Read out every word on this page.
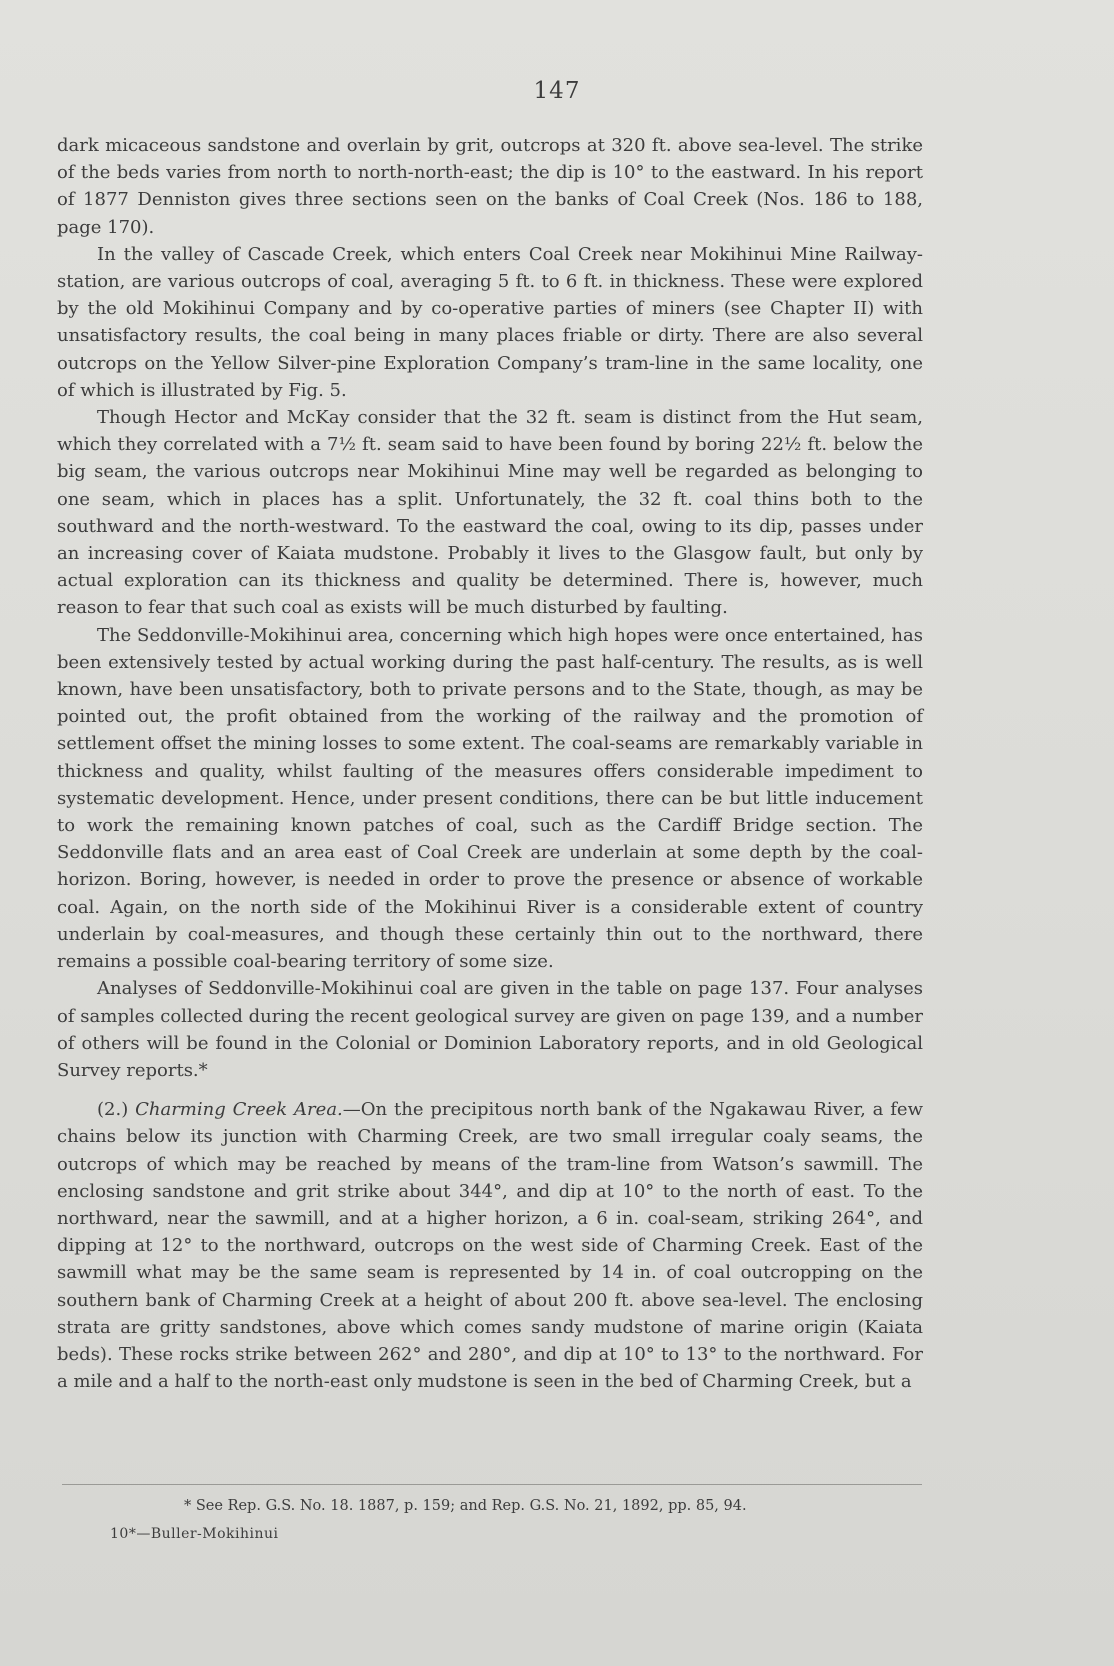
147

dark micaceous sandstone and overlain by grit, outcrops at 320 ft. above sea-level. The strike of the beds varies from north to north-north-east; the dip is 10° to the eastward. In his report of 1877 Denniston gives three sections seen on the banks of Coal Creek (Nos. 186 to 188, page 170).

In the valley of Cascade Creek, which enters Coal Creek near Mokihinui Mine Railway-station, are various outcrops of coal, averaging 5 ft. to 6 ft. in thickness. These were explored by the old Mokihinui Company and by co-operative parties of miners (see Chapter II) with unsatisfactory results, the coal being in many places friable or dirty. There are also several outcrops on the Yellow Silver-pine Exploration Company’s tram-line in the same locality, one of which is illustrated by Fig. 5.

Though Hector and McKay consider that the 32 ft. seam is distinct from the Hut seam, which they correlated with a 7½ ft. seam said to have been found by boring 22½ ft. below the big seam, the various outcrops near Mokihinui Mine may well be regarded as belonging to one seam, which in places has a split. Unfortunately, the 32 ft. coal thins both to the southward and the north-westward. To the eastward the coal, owing to its dip, passes under an increasing cover of Kaiata mudstone. Probably it lives to the Glasgow fault, but only by actual exploration can its thickness and quality be determined. There is, however, much reason to fear that such coal as exists will be much disturbed by faulting.

The Seddonville-Mokihinui area, concerning which high hopes were once entertained, has been extensively tested by actual working during the past half-century. The results, as is well known, have been unsatisfactory, both to private persons and to the State, though, as may be pointed out, the profit obtained from the working of the railway and the promotion of settlement offset the mining losses to some extent. The coal-seams are remarkably variable in thickness and quality, whilst faulting of the measures offers considerable impediment to systematic development. Hence, under present conditions, there can be but little inducement to work the remaining known patches of coal, such as the Cardiff Bridge section. The Seddonville flats and an area east of Coal Creek are underlain at some depth by the coal-horizon. Boring, however, is needed in order to prove the presence or absence of workable coal. Again, on the north side of the Mokihinui River is a considerable extent of country underlain by coal-measures, and though these certainly thin out to the northward, there remains a possible coal-bearing territory of some size.

Analyses of Seddonville-Mokihinui coal are given in the table on page 137. Four analyses of samples collected during the recent geological survey are given on page 139, and a number of others will be found in the Colonial or Dominion Laboratory reports, and in old Geological Survey reports.*

(2.) Charming Creek Area.—On the precipitous north bank of the Ngakawau River, a few chains below its junction with Charming Creek, are two small irregular coaly seams, the outcrops of which may be reached by means of the tram-line from Watson’s sawmill. The enclosing sandstone and grit strike about 344°, and dip at 10° to the north of east. To the northward, near the sawmill, and at a higher horizon, a 6 in. coal-seam, striking 264°, and dipping at 12° to the northward, outcrops on the west side of Charming Creek. East of the sawmill what may be the same seam is represented by 14 in. of coal outcropping on the southern bank of Charming Creek at a height of about 200 ft. above sea-level. The enclosing strata are gritty sandstones, above which comes sandy mudstone of marine origin (Kaiata beds). These rocks strike between 262° and 280°, and dip at 10° to 13° to the northward. For a mile and a half to the north-east only mudstone is seen in the bed of Charming Creek, but a

* See Rep. G.S. No. 18. 1887, p. 159; and Rep. G.S. No. 21, 1892, pp. 85, 94.
10*—Buller-Mokihinui
